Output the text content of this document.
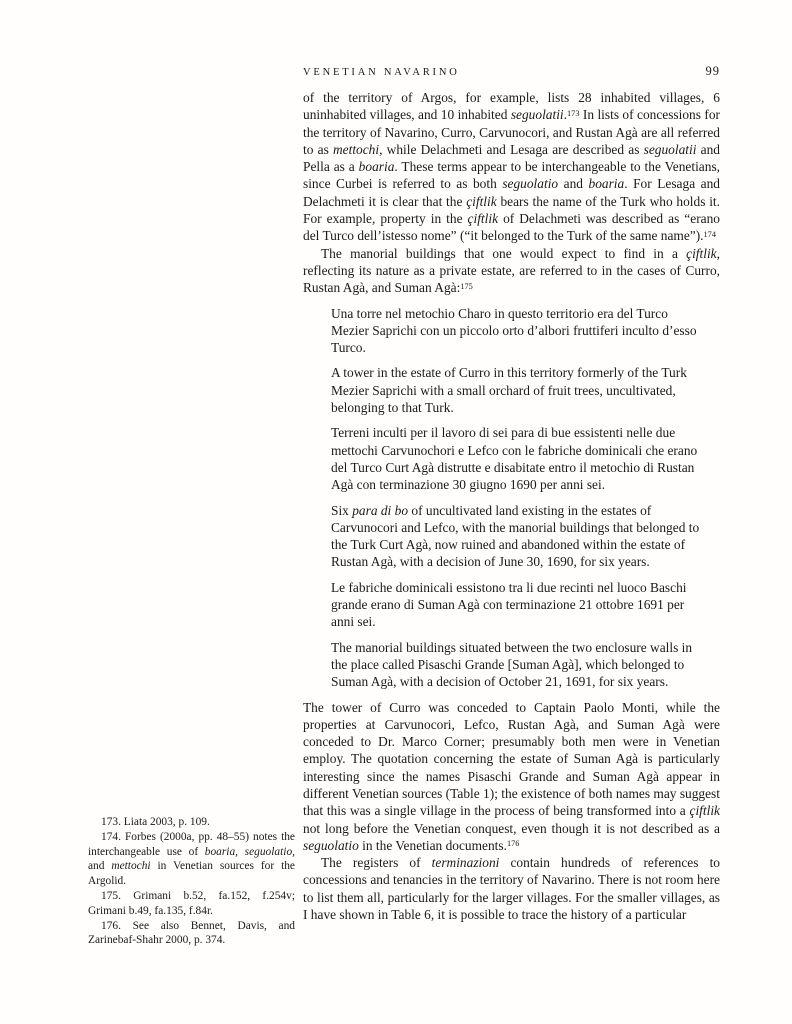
VENETIAN NAVARINO	99

173. Liata 2003, p. 109.

174. Forbes (2000a, pp. 48–55) notes the interchangeable use of boaria, seguolatio, and mettochi in Venetian sources for the Argolid.

175. Grimani b.52, fa.152, f.254v; Grimani b.49, fa.135, f.84r.

176. See also Bennet, Davis, and Zarinebaf-Shahr 2000, p. 374.

of the territory of Argos, for example, lists 28 inhabited villages, 6 uninhabited villages, and 10 inhabited seguolatii.$^{173}$ In lists of concessions for the territory of Navarino, Curro, Carvunocori, and Rustan Agà are all referred to as mettochi, while Delachmeti and Lesaga are described as seguolatii and Pella as a boaria. These terms appear to be interchangeable to the Venetians, since Curbei is referred to as both seguolatio and boaria. For Lesaga and Delachmeti it is clear that the çiftlik bears the name of the Turk who holds it. For example, property in the çiftlik of Delachmeti was described as “erano del Turco dell’istesso nome” (“it belonged to the Turk of the same name”).$^{174}$

The manorial buildings that one would expect to find in a çiftlik, reflecting its nature as a private estate, are referred to in the cases of Curro, Rustan Agà, and Suman Agà:$^{175}$

Una torre nel metochio Charo in questo territorio era del Turco Mezier Saprichi con un piccolo orto d’albori fruttiferi inculto d’esso Turco.
A tower in the estate of Curro in this territory formerly of the Turk Mezier Saprichi with a small orchard of fruit trees, uncultivated, belonging to that Turk.
Terreni inculti per il lavoro di sei para di bue essistenti nelle due mettochi Carvunochori e Lefco con le fabriche dominicali che erano del Turco Curt Agà distrutte e disabitate entro il metochio di Rustan Agà con terminazione 30 giugno 1690 per anni sei.
Six para di bo of uncultivated land existing in the estates of Carvunocori and Lefco, with the manorial buildings that belonged to the Turk Curt Agà, now ruined and abandoned within the estate of Rustan Agà, with a decision of June 30, 1690, for six years.
Le fabriche dominicali essistono tra li due recinti nel luoco Baschi grande erano di Suman Agà con terminazione 21 ottobre 1691 per anni sei.
The manorial buildings situated between the two enclosure walls in the place called Pisaschi Grande [Suman Agà], which belonged to Suman Agà, with a decision of October 21, 1691, for six years.

The tower of Curro was conceded to Captain Paolo Monti, while the properties at Carvunocori, Lefco, Rustan Agà, and Suman Agà were conceded to Dr. Marco Corner; presumably both men were in Venetian employ. The quotation concerning the estate of Suman Agà is particularly interesting since the names Pisaschi Grande and Suman Agà appear in different Venetian sources (Table 1); the existence of both names may suggest that this was a single village in the process of being transformed into a çiftlik not long before the Venetian conquest, even though it is not described as a seguolatio in the Venetian documents.$^{176}$

The registers of terminazioni contain hundreds of references to concessions and tenancies in the territory of Navarino. There is not room here to list them all, particularly for the larger villages. For the smaller villages, as I have shown in Table 6, it is possible to trace the history of a particular
